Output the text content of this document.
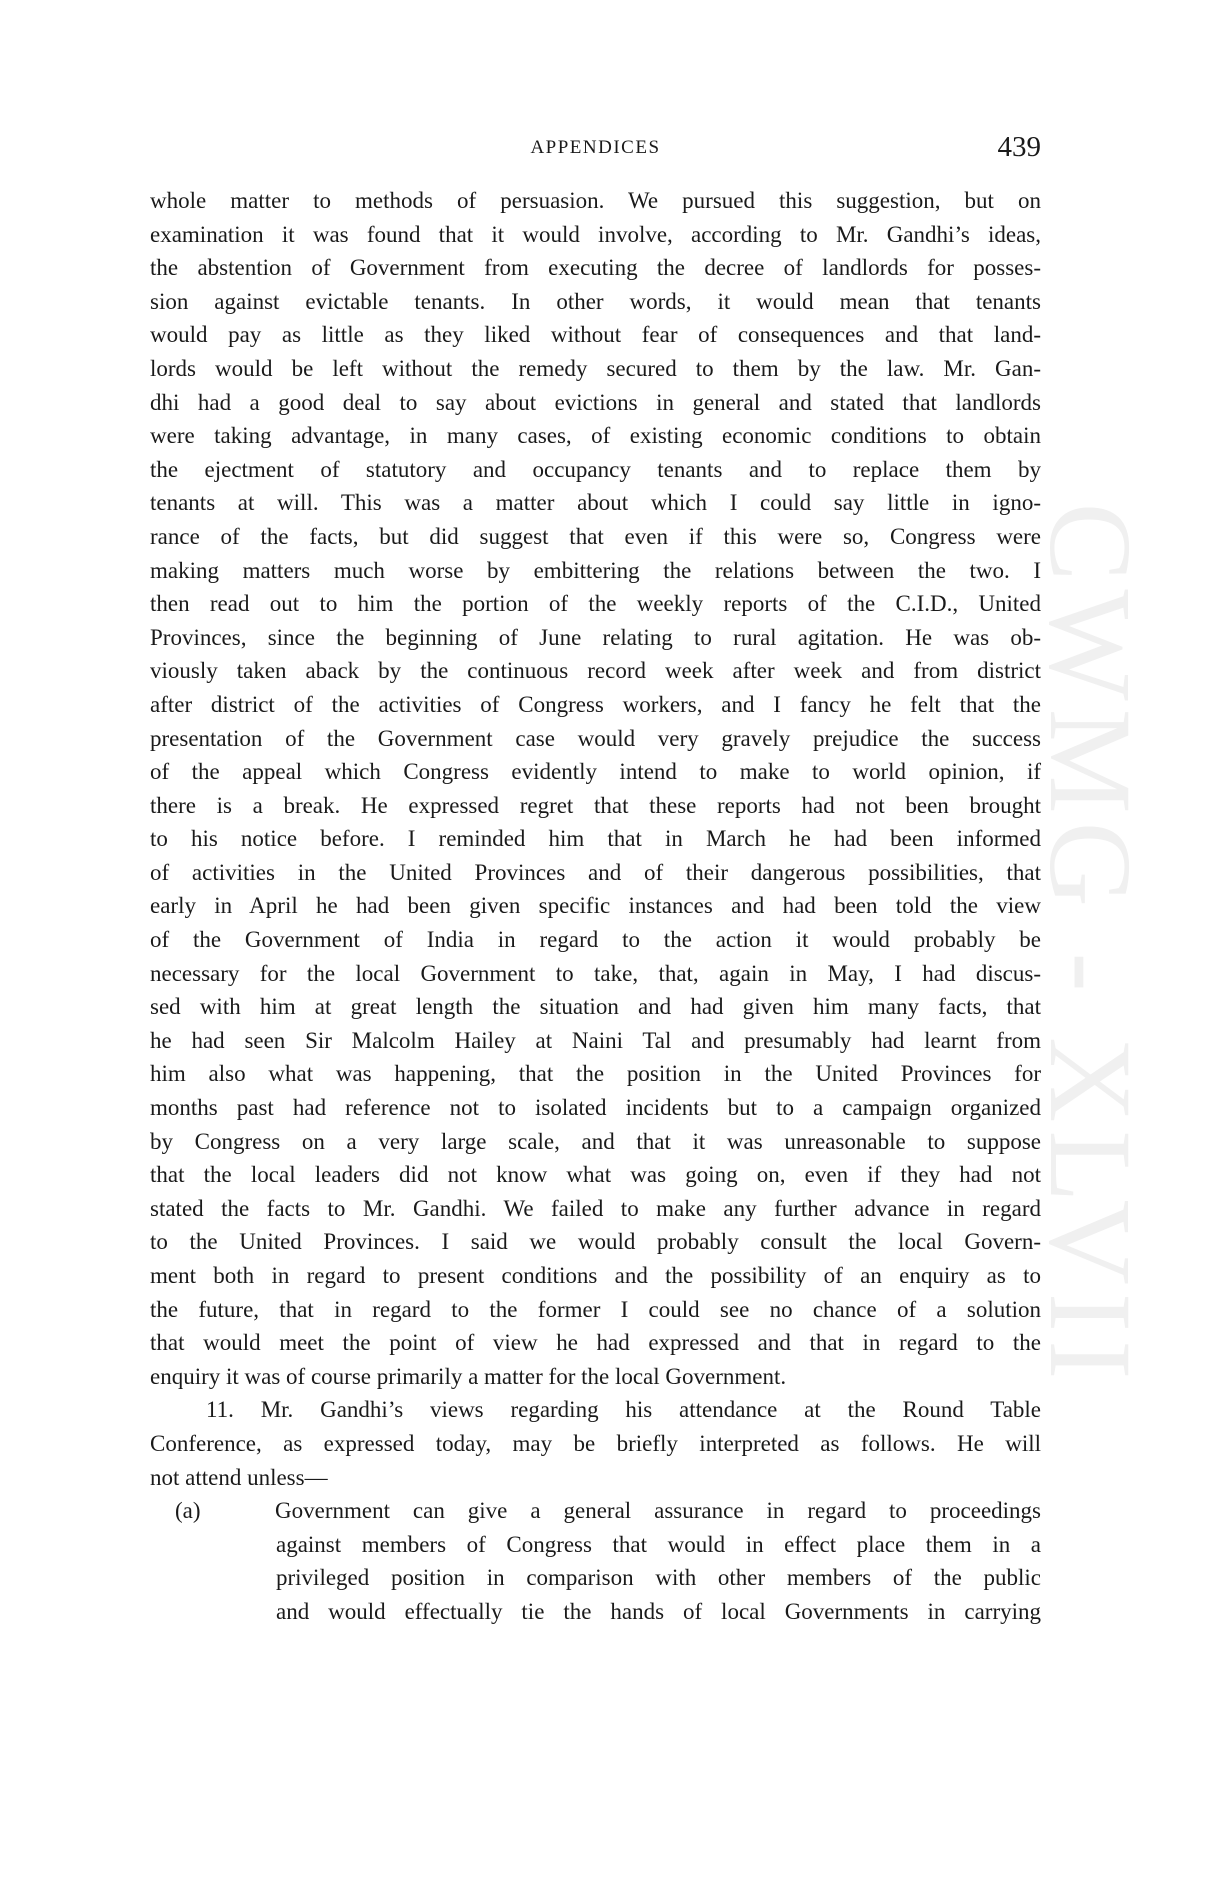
CWMG - XLVII
APPENDICES	439
whole matter to methods of persuasion. We pursued this suggestion, but on
examination it was found that it would involve, according to Mr. Gandhi’s ideas,
the abstention of Government from executing the decree of landlords for posses-
sion against evictable tenants. In other words, it would mean that tenants
would pay as little as they liked without fear of consequences and that land-
lords would be left without the remedy secured to them by the law. Mr. Gan-
dhi had a good deal to say about evictions in general and stated that landlords
were taking advantage, in many cases, of existing economic conditions to obtain
the ejectment of statutory and occupancy tenants and to replace them by
tenants at will. This was a matter about which I could say little in igno-
rance of the facts, but did suggest that even if this were so, Congress were
making matters much worse by embittering the relations between the two. I
then read out to him the portion of the weekly reports of the C.I.D., United
Provinces, since the beginning of June relating to rural agitation. He was ob-
viously taken aback by the continuous record week after week and from district
after district of the activities of Congress workers, and I fancy he felt that the
presentation of the Government case would very gravely prejudice the success
of the appeal which Congress evidently intend to make to world opinion, if
there is a break. He expressed regret that these reports had not been brought
to his notice before. I reminded him that in March he had been informed
of activities in the United Provinces and of their dangerous possibilities, that
early in April he had been given specific instances and had been told the view
of the Government of India in regard to the action it would probably be
necessary for the local Government to take, that, again in May, I had discus-
sed with him at great length the situation and had given him many facts, that
he had seen Sir Malcolm Hailey at Naini Tal and presumably had learnt from
him also what was happening, that the position in the United Provinces for
months past had reference not to isolated incidents but to a campaign organized
by Congress on a very large scale, and that it was unreasonable to suppose
that the local leaders did not know what was going on, even if they had not
stated the facts to Mr. Gandhi. We failed to make any further advance in regard
to the United Provinces. I said we would probably consult the local Govern-
ment both in regard to present conditions and the possibility of an enquiry as to
the future, that in regard to the former I could see no chance of a solution
that would meet the point of view he had expressed and that in regard to the
enquiry it was of course primarily a matter for the local Government.
11. Mr. Gandhi’s views regarding his attendance at the Round Table
Conference, as expressed today, may be briefly interpreted as follows. He will
not attend unless—
(a)	Government can give a general assurance in regard to proceedings
against members of Congress that would in effect place them in a
privileged position in comparison with other members of the public
and would effectually tie the hands of local Governments in carrying
